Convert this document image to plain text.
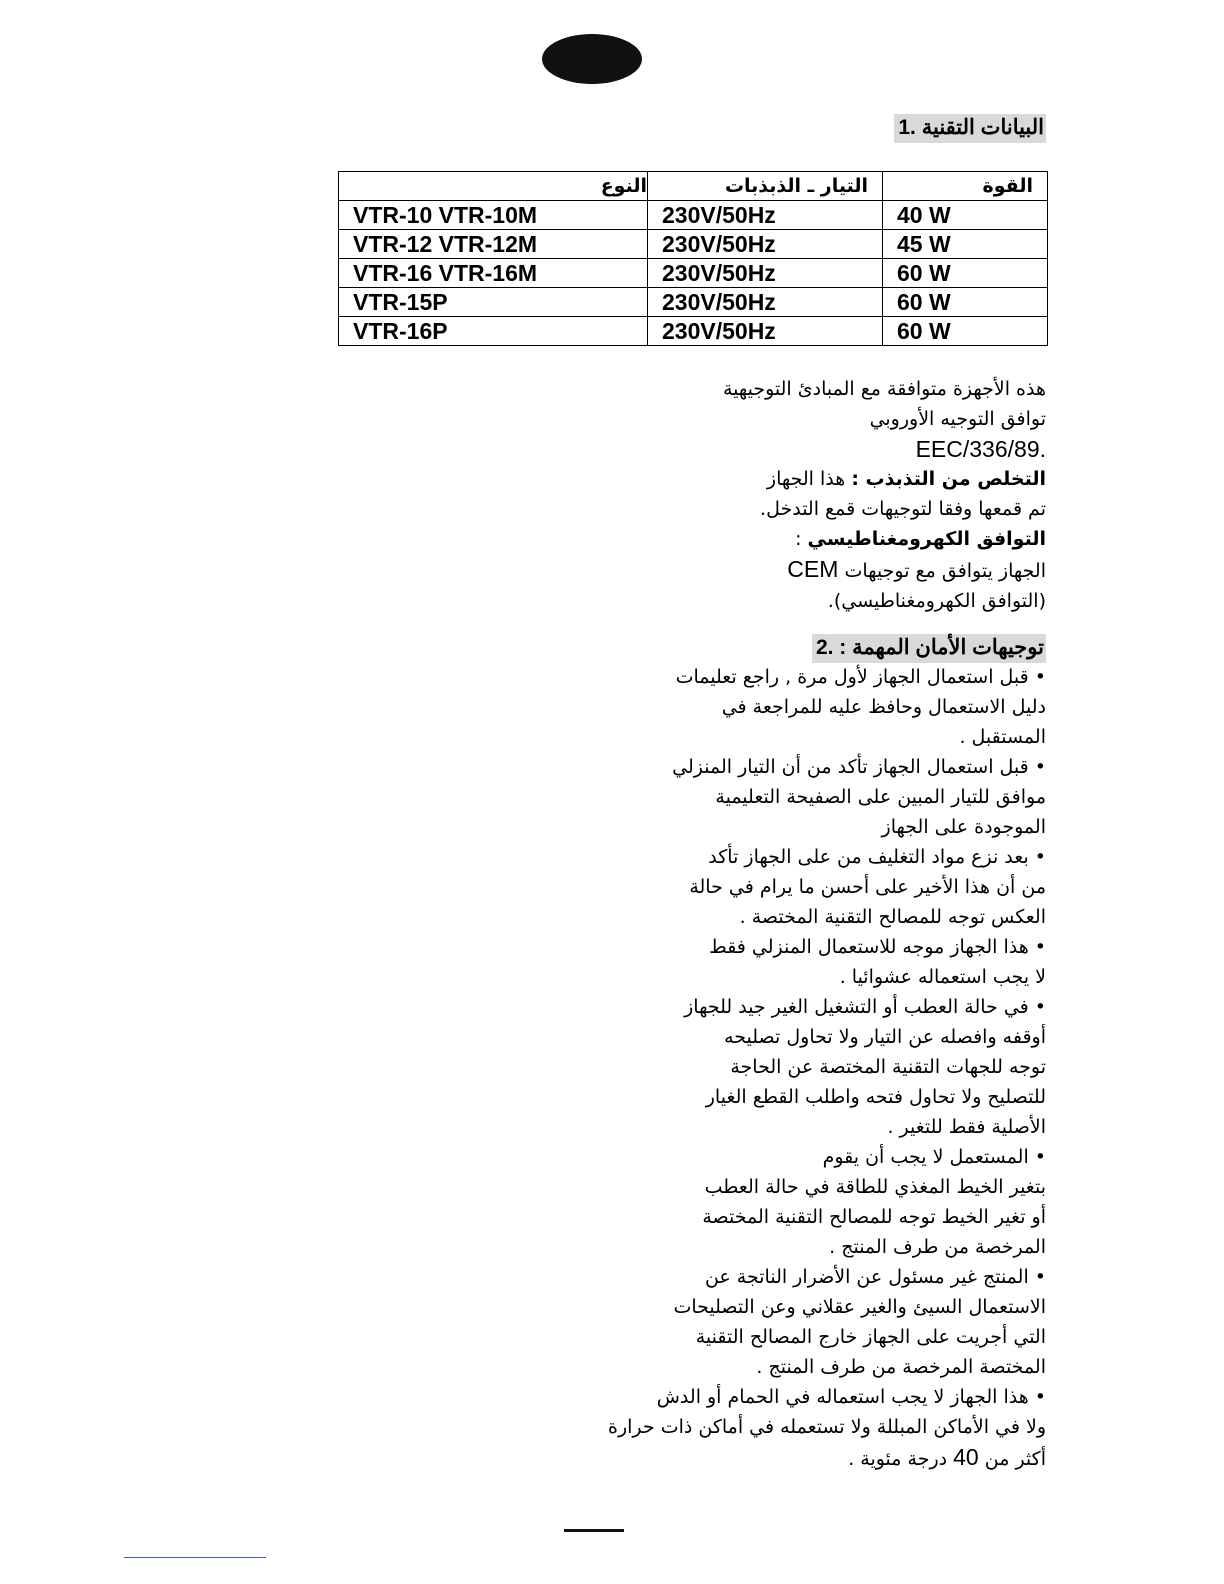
1. البيانات التقنية
النوع	التيار ـ الذبذبات	القوة
VTR-10 VTR-10M	230V/50Hz	40 W
VTR-12 VTR-12M	230V/50Hz	45 W
VTR-16 VTR-16M	230V/50Hz	60 W
VTR-15P	230V/50Hz	60 W
VTR-16P	230V/50Hz	60 W
هذه الأجهزة متوافقة مع المبادئ التوجيهية
توافق التوجيه الأوروبي
EEC/336/89.
التخلص من التذبذب : هذا الجهاز
تم قمعها وفقا لتوجيهات قمع التدخل.
التوافق الكهرومغناطيسي :
الجهاز يتوافق مع توجيهات CEM
(التوافق الكهرومغناطيسي).
2. توجيهات الأمان المهمة :
• قبل استعمال الجهاز لأول مرة , راجع تعليمات
دليل الاستعمال وحافظ عليه للمراجعة في
المستقبل .
• قبل استعمال الجهاز تأكد من أن التيار المنزلي
موافق للتيار المبين على الصفيحة التعليمية
الموجودة على الجهاز
• بعد نزع مواد التغليف من على الجهاز تأكد
من أن هذا الأخير على أحسن ما يرام في حالة
العكس توجه للمصالح التقنية المختصة .
• هذا الجهاز موجه للاستعمال المنزلي فقط
لا يجب استعماله عشوائيا .
• في حالة العطب أو التشغيل الغير جيد للجهاز
أوقفه وافصله عن التيار ولا تحاول تصليحه
توجه للجهات التقنية المختصة عن الحاجة
للتصليح ولا تحاول فتحه واطلب القطع الغيار
الأصلية فقط للتغير .
• المستعمل لا يجب أن يقوم
بتغير الخيط المغذي للطاقة في حالة العطب
أو تغير الخيط توجه للمصالح التقنية المختصة
المرخصة من طرف المنتج .
• المنتج غير مسئول عن الأضرار الناتجة عن
الاستعمال السيئ والغير عقلاني وعن التصليحات
التي أجريت على الجهاز خارج المصالح التقنية
المختصة المرخصة من طرف المنتج .
• هذا الجهاز لا يجب استعماله في الحمام أو الدش
ولا في الأماكن المبللة ولا تستعمله في أماكن ذات حرارة
أكثر من 40 درجة مئوية .
